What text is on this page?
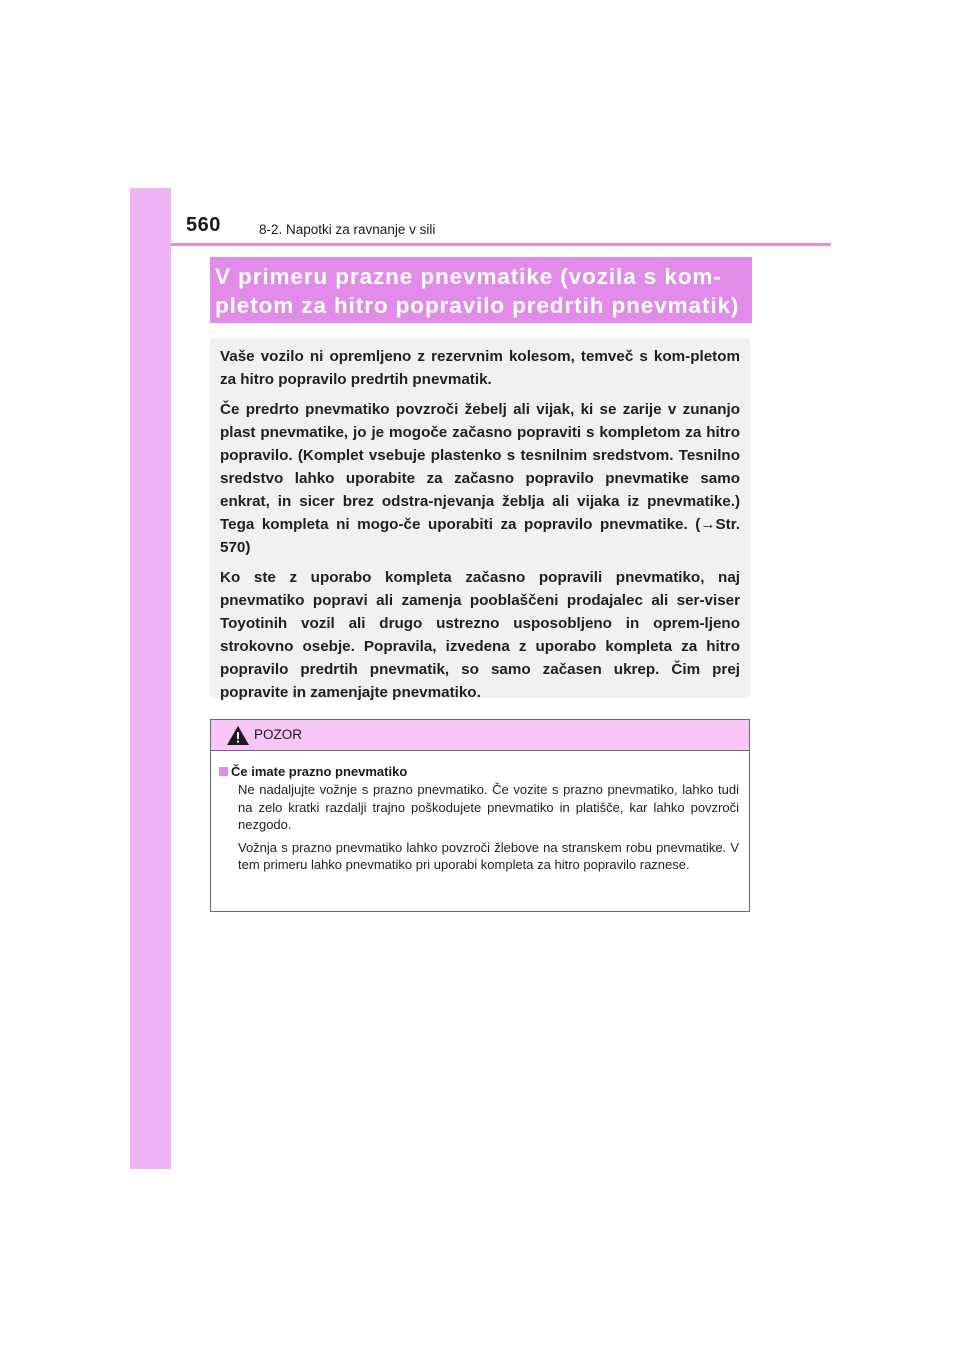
560	8-2. Napotki za ravnanje v sili
V primeru prazne pnevmatike (vozila s kom-
pletom za hitro popravilo predrtih pnevmatik)

Vaše vozilo ni opremljeno z rezervnim kolesom, temveč s kom-pletom za hitro popravilo predrtih pnevmatik.

Če predrto pnevmatiko povzroči žebelj ali vijak, ki se zarije v zunanjo plast pnevmatike, jo je mogoče začasno popraviti s kompletom za hitro popravilo. (Komplet vsebuje plastenko s tesnilnim sredstvom. Tesnilno sredstvo lahko uporabite za začasno popravilo pnevmatike samo enkrat, in sicer brez odstra-njevanja žeblja ali vijaka iz pnevmatike.) Tega kompleta ni mogo-če uporabiti za popravilo pnevmatike. (→Str. 570)

Ko ste z uporabo kompleta začasno popravili pnevmatiko, naj pnevmatiko popravi ali zamenja pooblaščeni prodajalec ali ser-viser Toyotinih vozil ali drugo ustrezno usposobljeno in oprem-ljeno strokovno osebje. Popravila, izvedena z uporabo kompleta za hitro popravilo predrtih pnevmatik, so samo začasen ukrep. Čim prej popravite in zamenjajte pnevmatiko.

POZOR
Če imate prazno pnevmatiko

Ne nadaljujte vožnje s prazno pnevmatiko. Če vozite s prazno pnevmatiko, lahko tudi na zelo kratki razdalji trajno poškodujete pnevmatiko in platišče, kar lahko povzroči nezgodo.

Vožnja s prazno pnevmatiko lahko povzroči žlebove na stranskem robu pnevmatike. V tem primeru lahko pnevmatiko pri uporabi kompleta za hitro popravilo raznese.
